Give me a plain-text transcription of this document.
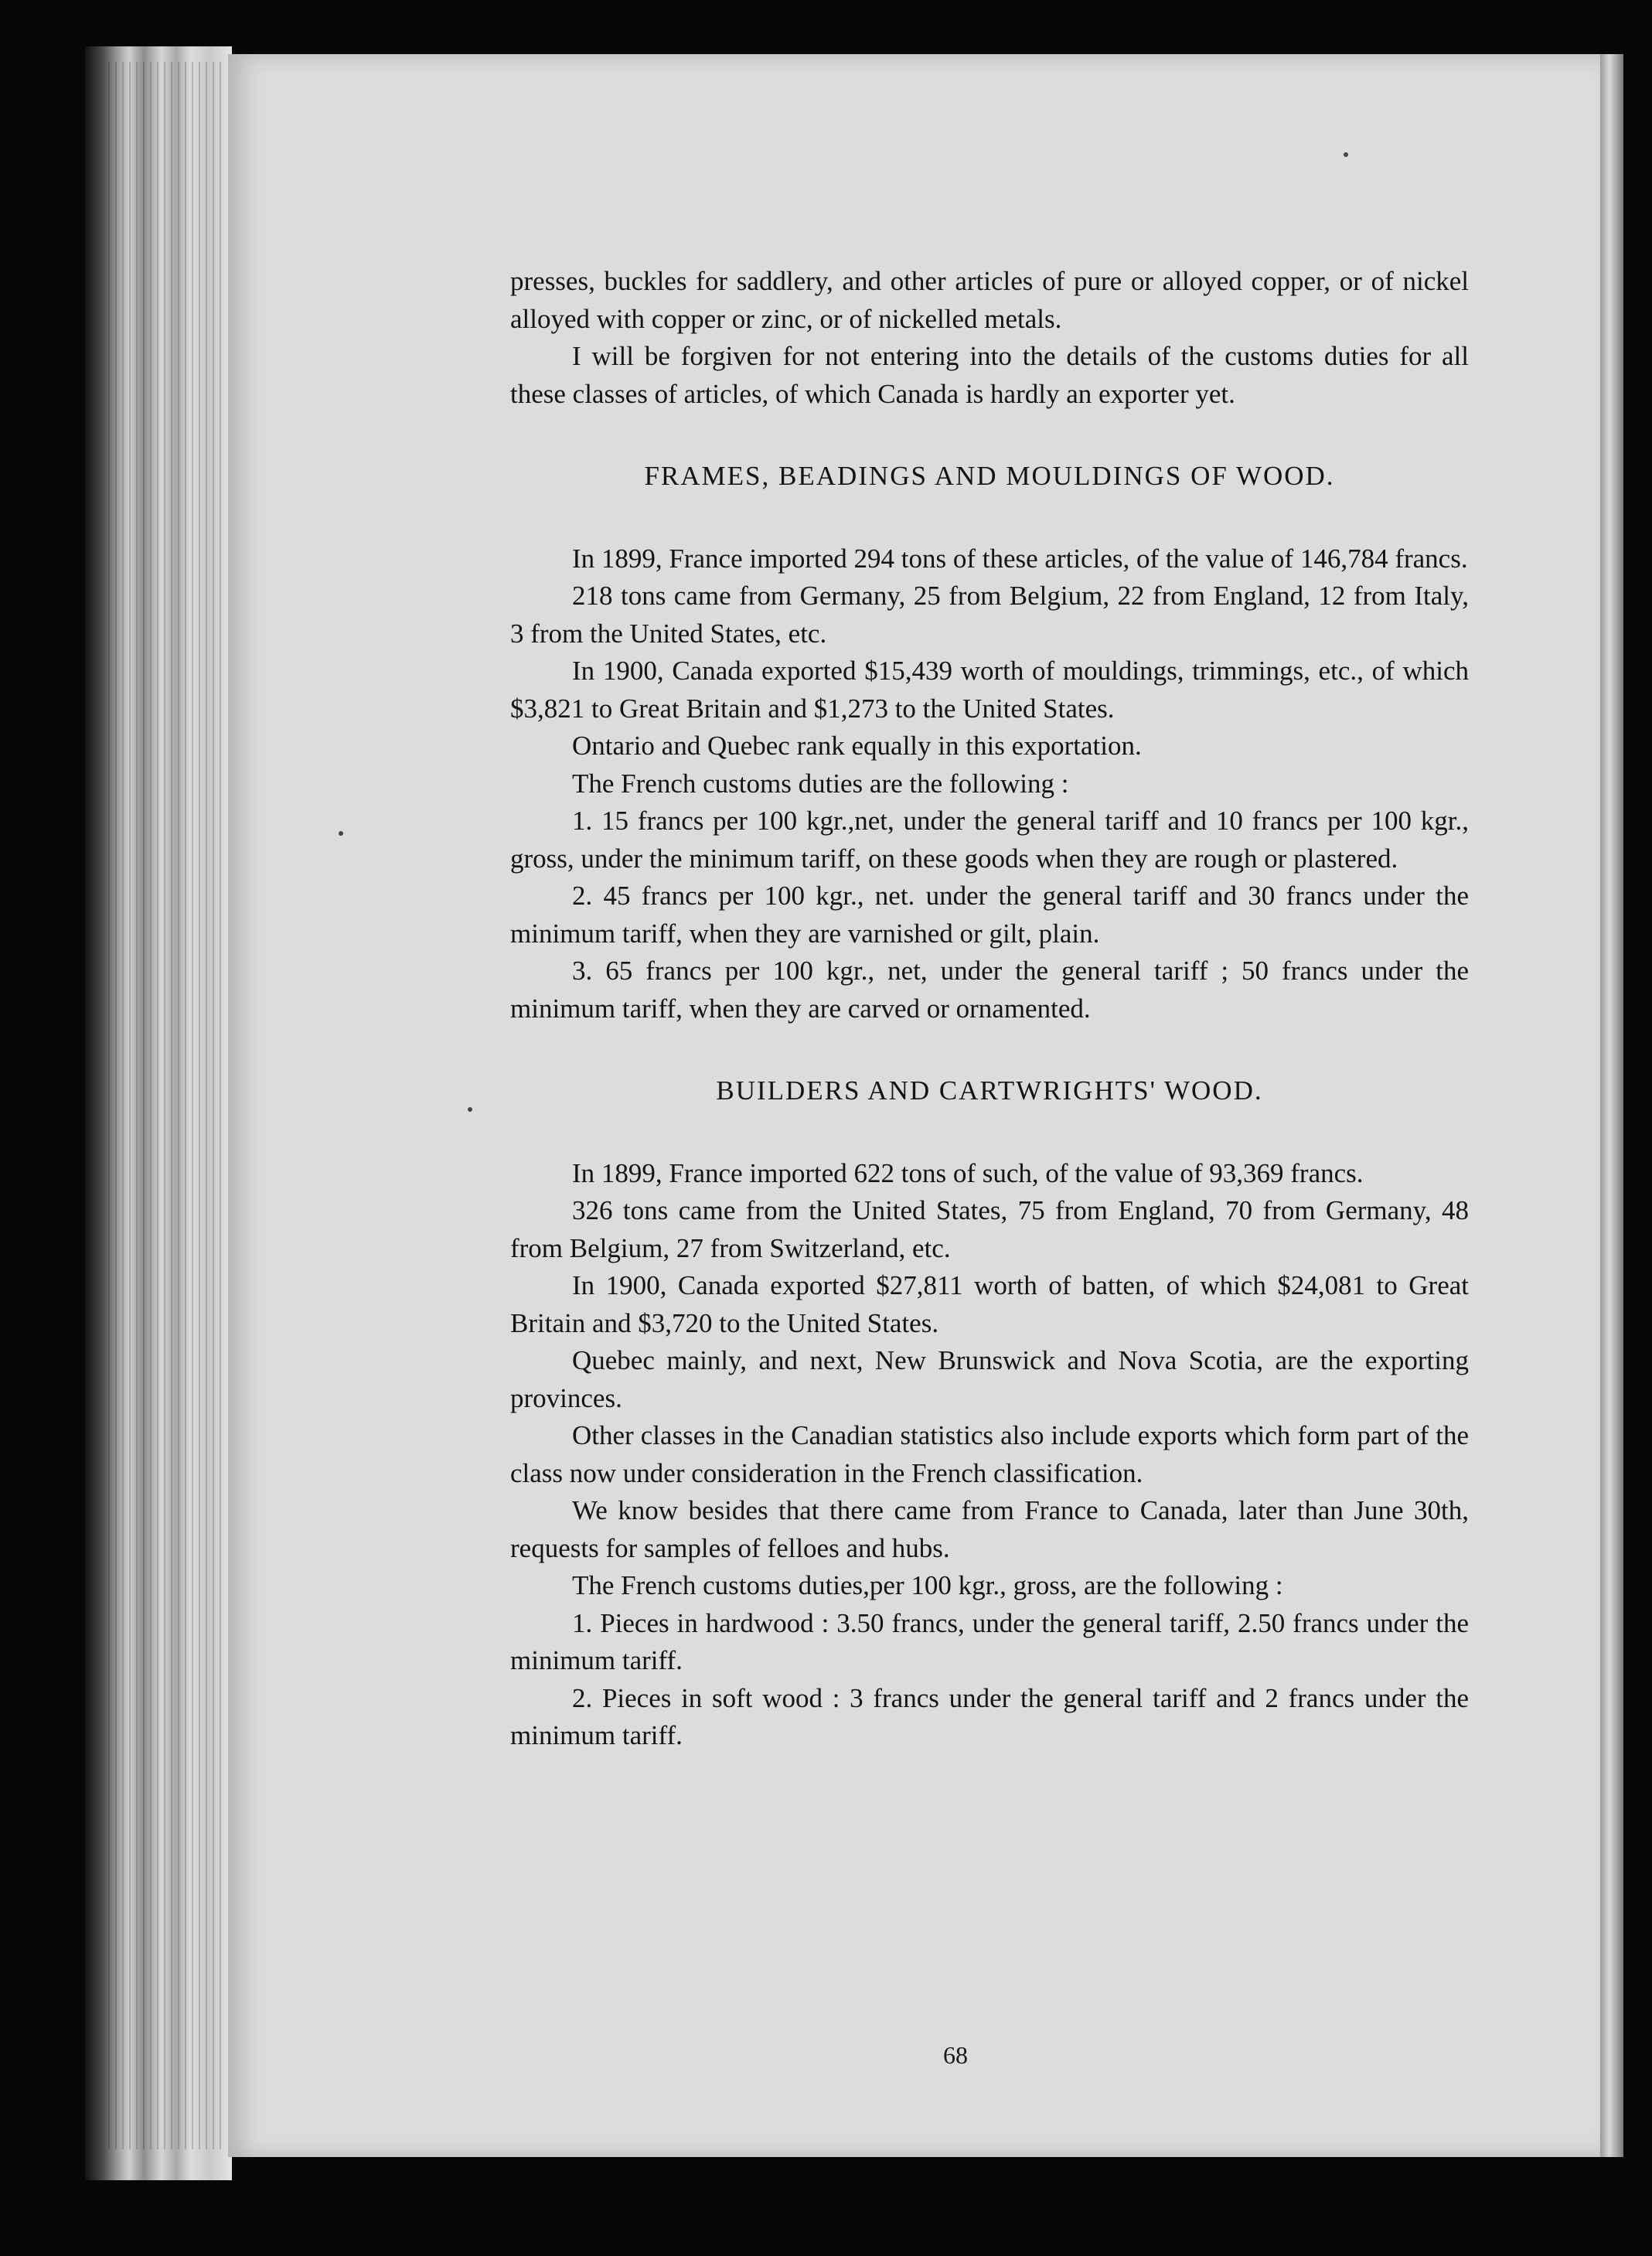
presses, buckles for saddlery, and other articles of pure or alloyed copper, or of nickel alloyed with copper or zinc, or of nickelled metals.

I will be forgiven for not entering into the details of the customs duties for all these classes of articles, of which Canada is hardly an exporter yet.

FRAMES, BEADINGS AND MOULDINGS OF WOOD.

In 1899, France imported 294 tons of these articles, of the value of 146,784 francs.

218 tons came from Germany, 25 from Belgium, 22 from England, 12 from Italy, 3 from the United States, etc.

In 1900, Canada exported $15,439 worth of mouldings, trimmings, etc., of which $3,821 to Great Britain and $1,273 to the United States.

Ontario and Quebec rank equally in this exportation.

The French customs duties are the following :

1. 15 francs per 100 kgr.,net, under the general tariff and 10 francs per 100 kgr., gross, under the minimum tariff, on these goods when they are rough or plastered.

2. 45 francs per 100 kgr., net. under the general tariff and 30 francs under the minimum tariff, when they are varnished or gilt, plain.

3. 65 francs per 100 kgr., net, under the general tariff ; 50 francs under the minimum tariff, when they are carved or ornamented.

BUILDERS AND CARTWRIGHTS' WOOD.

In 1899, France imported 622 tons of such, of the value of 93,369 francs.

326 tons came from the United States, 75 from England, 70 from Germany, 48 from Belgium, 27 from Switzerland, etc.

In 1900, Canada exported $27,811 worth of batten, of which $24,081 to Great Britain and $3,720 to the United States.

Quebec mainly, and next, New Brunswick and Nova Scotia, are the exporting provinces.

Other classes in the Canadian statistics also include exports which form part of the class now under consideration in the French classification.

We know besides that there came from France to Canada, later than June 30th, requests for samples of felloes and hubs.

The French customs duties,per 100 kgr., gross, are the following :

1. Pieces in hardwood : 3.50 francs, under the general tariff, 2.50 francs under the minimum tariff.

2. Pieces in soft wood : 3 francs under the general tariff and 2 francs under the minimum tariff.

68
